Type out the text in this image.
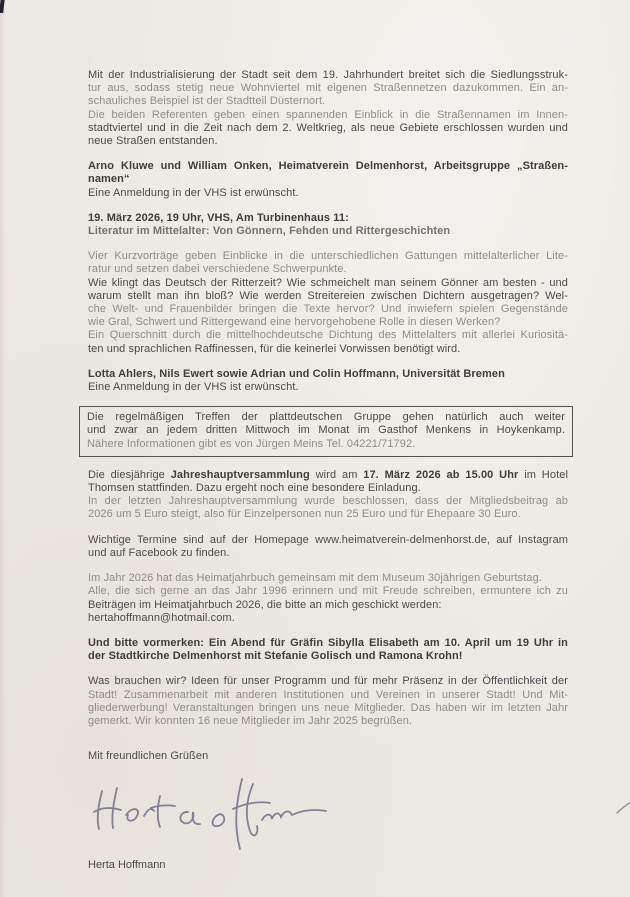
Mit der Industrialisierung der Stadt seit dem 19. Jahrhundert breitet sich die Siedlungsstruk-
tur aus, sodass stetig neue Wohnviertel mit eigenen Straßennetzen dazukommen. Ein an-
schauliches Beispiel ist der Stadtteil Düsternort.
Die beiden Referenten geben einen spannenden Einblick in die Straßennamen im Innen-
stadtviertel und in die Zeit nach dem 2. Weltkrieg, als neue Gebiete erschlossen wurden und
neue Straßen entstanden.
Arno Kluwe und William Onken, Heimatverein Delmenhorst, Arbeitsgruppe „Straßen-
namen“
Eine Anmeldung in der VHS ist erwünscht.
19. März 2026, 19 Uhr, VHS, Am Turbinenhaus 11:
Literatur im Mittelalter: Von Gönnern, Fehden und Rittergeschichten
Vier Kurzvorträge geben Einblicke in die unterschiedlichen Gattungen mittelalterlicher Lite-
ratur und setzen dabei verschiedene Schwerpunkte.
Wie klingt das Deutsch der Ritterzeit? Wie schmeichelt man seinem Gönner am besten - und
warum stellt man ihn bloß? Wie werden Streitereien zwischen Dichtern ausgetragen? Wel-
che Welt- und Frauenbilder bringen die Texte hervor? Und inwiefern spielen Gegenstände
wie Gral, Schwert und Rittergewand eine hervorgehobene Rolle in diesen Werken?
Ein Querschnitt durch die mittelhochdeutsche Dichtung des Mittelalters mit allerlei Kuriositä-
ten und sprachlichen Raffinessen, für die keinerlei Vorwissen benötigt wird.
Lotta Ahlers, Nils Ewert sowie Adrian und Colin Hoffmann, Universität Bremen
Eine Anmeldung in der VHS ist erwünscht.
Die regelmäßigen Treffen der plattdeutschen Gruppe gehen natürlich auch weiter
und zwar an jedem dritten Mittwoch im Monat im Gasthof Menkens in Hoykenkamp.
Nähere Informationen gibt es von Jürgen Meins Tel. 04221/71792.
Die diesjährige Jahreshauptversammlung wird am 17. März 2026 ab 15.00 Uhr im Hotel
Thomsen stattfinden. Dazu ergeht noch eine besondere Einladung.
In der letzten Jahreshauptversammlung wurde beschlossen, dass der Mitgliedsbeitrag ab
2026 um 5 Euro steigt, also für Einzelpersonen nun 25 Euro und für Ehepaare 30 Euro.
Wichtige Termine sind auf der Homepage www.heimatverein-delmenhorst.de, auf Instagram
und auf Facebook zu finden.
Im Jahr 2026 hat das Heimatjahrbuch gemeinsam mit dem Museum 30jährigen Geburtstag.
Alle, die sich gerne an das Jahr 1996 erinnern und mit Freude schreiben, ermuntere ich zu
Beiträgen im Heimatjahrbuch 2026, die bitte an mich geschickt werden:
hertahoffmann@hotmail.com.
Und bitte vormerken: Ein Abend für Gräfin Sibylla Elisabeth am 10. April um 19 Uhr in
der Stadtkirche Delmenhorst mit Stefanie Golisch und Ramona Krohn!
Was brauchen wir? Ideen für unser Programm und für mehr Präsenz in der Öffentlichkeit der
Stadt! Zusammenarbeit mit anderen Institutionen und Vereinen in unserer Stadt! Und Mit-
gliederwerbung! Veranstaltungen bringen uns neue Mitglieder. Das haben wir im letzten Jahr
gemerkt. Wir konnten 16 neue Mitglieder im Jahr 2025 begrüßen.
Mit freundlichen Grüßen
Herta Hoffmann
